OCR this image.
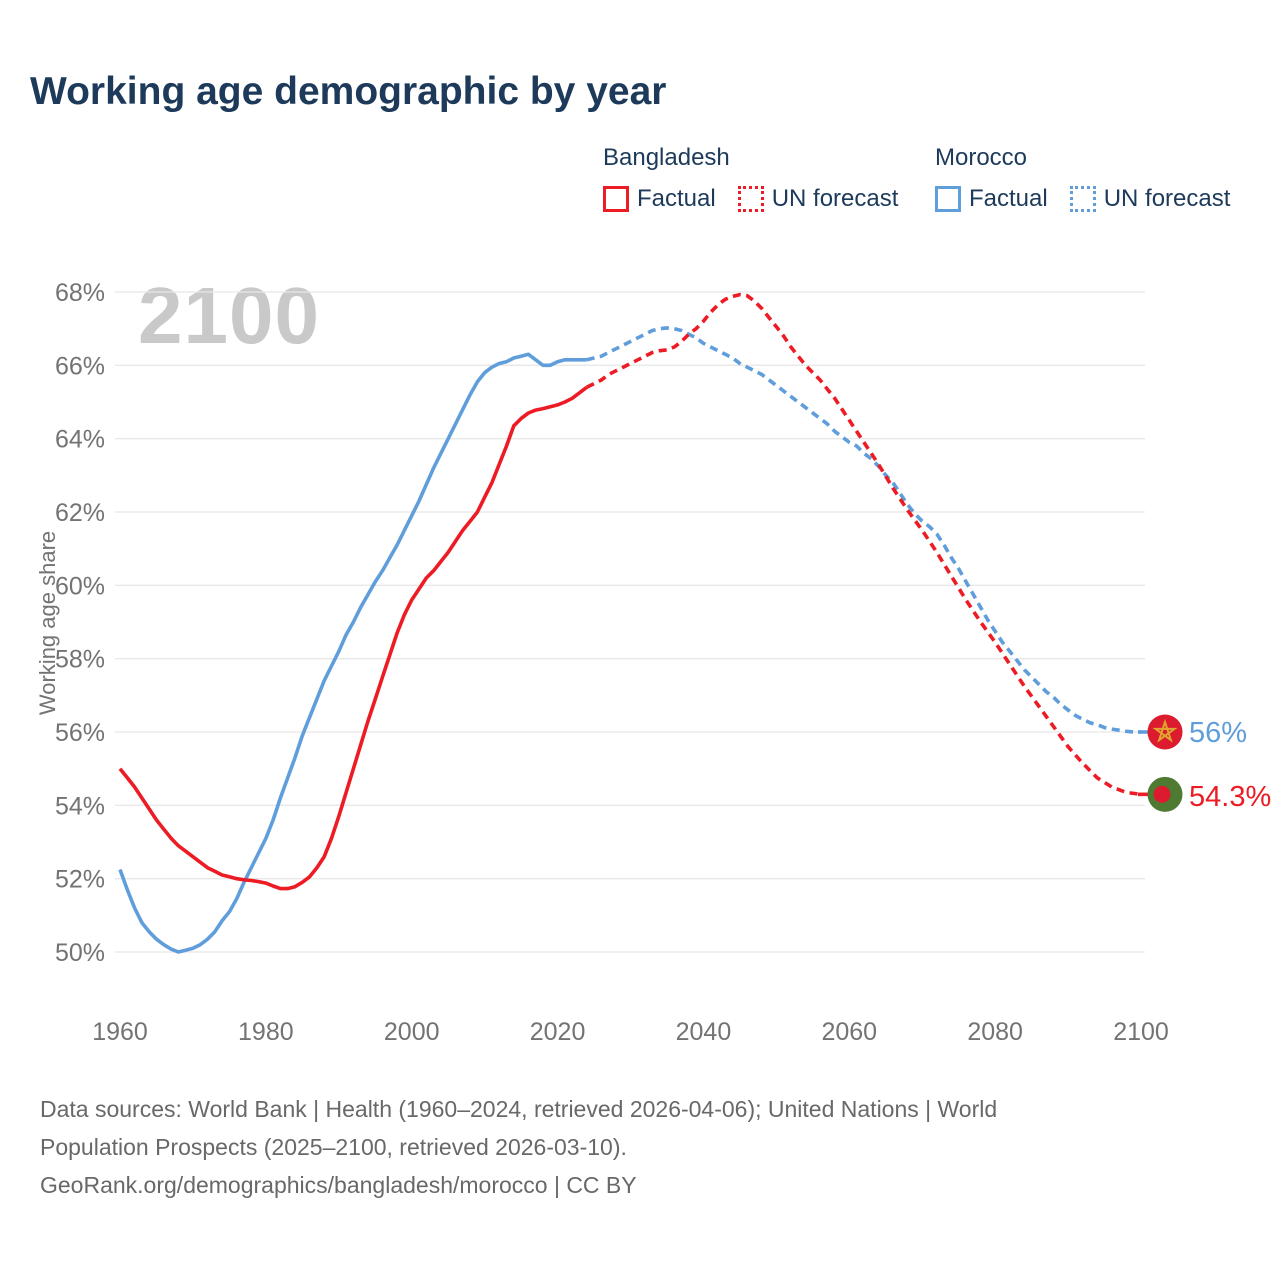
2100
50%
52%
54%
56%
58%
60%
62%
64%
66%
68%
1960	1980	2000	2020	2040	2060	2080	2100
Working age demographic by year
Bangladesh
Factual UN forecast
Morocco
Factual UN forecast
Working age share
56%
54.3%
Data sources: World Bank | Health (1960–2024, retrieved 2026-04-06); United Nations | World
Population Prospects (2025–2100, retrieved 2026-03-10).
GeoRank.org/demographics/bangladesh/morocco | CC BY
